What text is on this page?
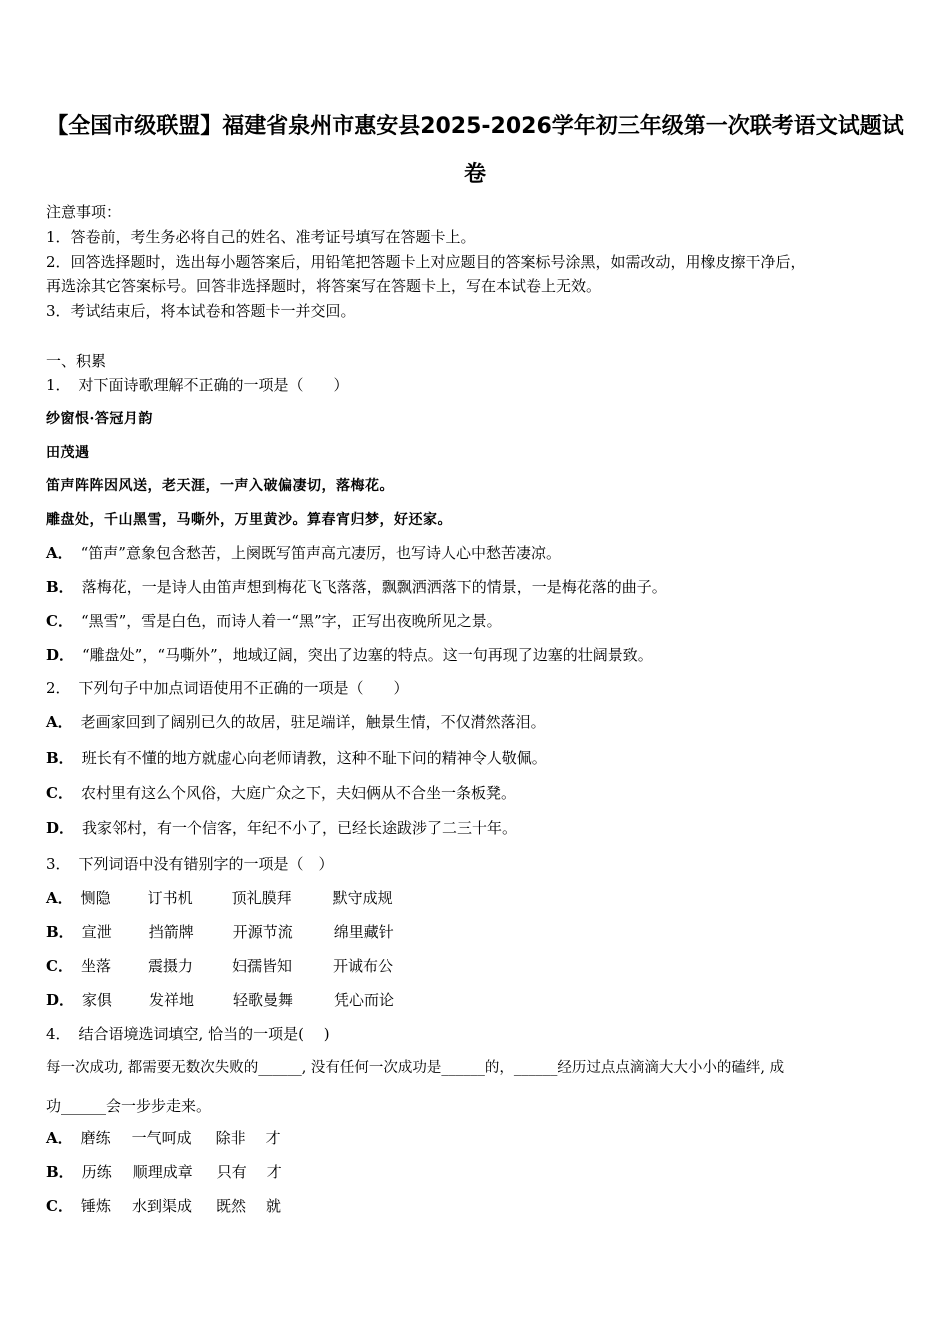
【全国市级联盟】福建省泉州市惠安县2025-2026学年初三年级第一次联考语文试题试
卷
注意事项：
1．答卷前，考生务必将自己的姓名、准考证号填写在答题卡上。
2．回答选择题时，选出每小题答案后，用铅笔把答题卡上对应题目的答案标号涂黑，如需改动，用橡皮擦干净后，
再选涂其它答案标号。回答非选择题时，将答案写在答题卡上，写在本试卷上无效。
3．考试结束后，将本试卷和答题卡一并交回。
一、积累
1． 对下面诗歌理解不正确的一项是（　　）
纱窗恨·答冠月韵
田茂遇
笛声阵阵因风送，老天涯，一声入破偏凄切，落梅花。
雕盘处，千山黑雪，马嘶外，万里黄沙。算春宵归梦，好还家。
A． “笛声”意象包含愁苦，上阕既写笛声高亢凄厉，也写诗人心中愁苦凄凉。
B． 落梅花，一是诗人由笛声想到梅花飞飞落落，飘飘洒洒落下的情景，一是梅花落的曲子。
C． “黑雪”，雪是白色，而诗人着一“黑”字，正写出夜晚所见之景。
D． “雕盘处”，“马嘶外”，地域辽阔，突出了边塞的特点。这一句再现了边塞的壮阔景致。
2． 下列句子中加点词语使用不正确的一项是（　　）
A． 老画家回到了阔别已久的故居，驻足端详，触景生情，不仅潸然落泪。
B． 班长有不懂的地方就虚心向老师请教，这种不耻下问的精神令人敬佩。
C． 农村里有这么个风俗，大庭广众之下，夫妇俩从不合坐一条板凳。
D． 我家邻村，有一个信客，年纪不小了，已经长途跋涉了二三十年。
3． 下列词语中没有错别字的一项是（　）
A． 恻隐 订书机	顶礼膜拜	默守成规
B． 宣泄 挡箭牌	开源节流	绵里藏针
C． 坐落 震摄力	妇孺皆知	开诚布公
D． 家俱 发祥地	轻歌曼舞	凭心而论
4． 结合语境选词填空, 恰当的一项是(　 )
每一次成功, 都需要无数次失败的______, 没有任何一次成功是______的，______经历过点点滴滴大大小小的磕绊, 成
功______会一步步走来。
A． 磨练 一气呵成 除非 才
B． 历练 顺理成章 只有 才
C． 锤炼 水到渠成 既然 就
